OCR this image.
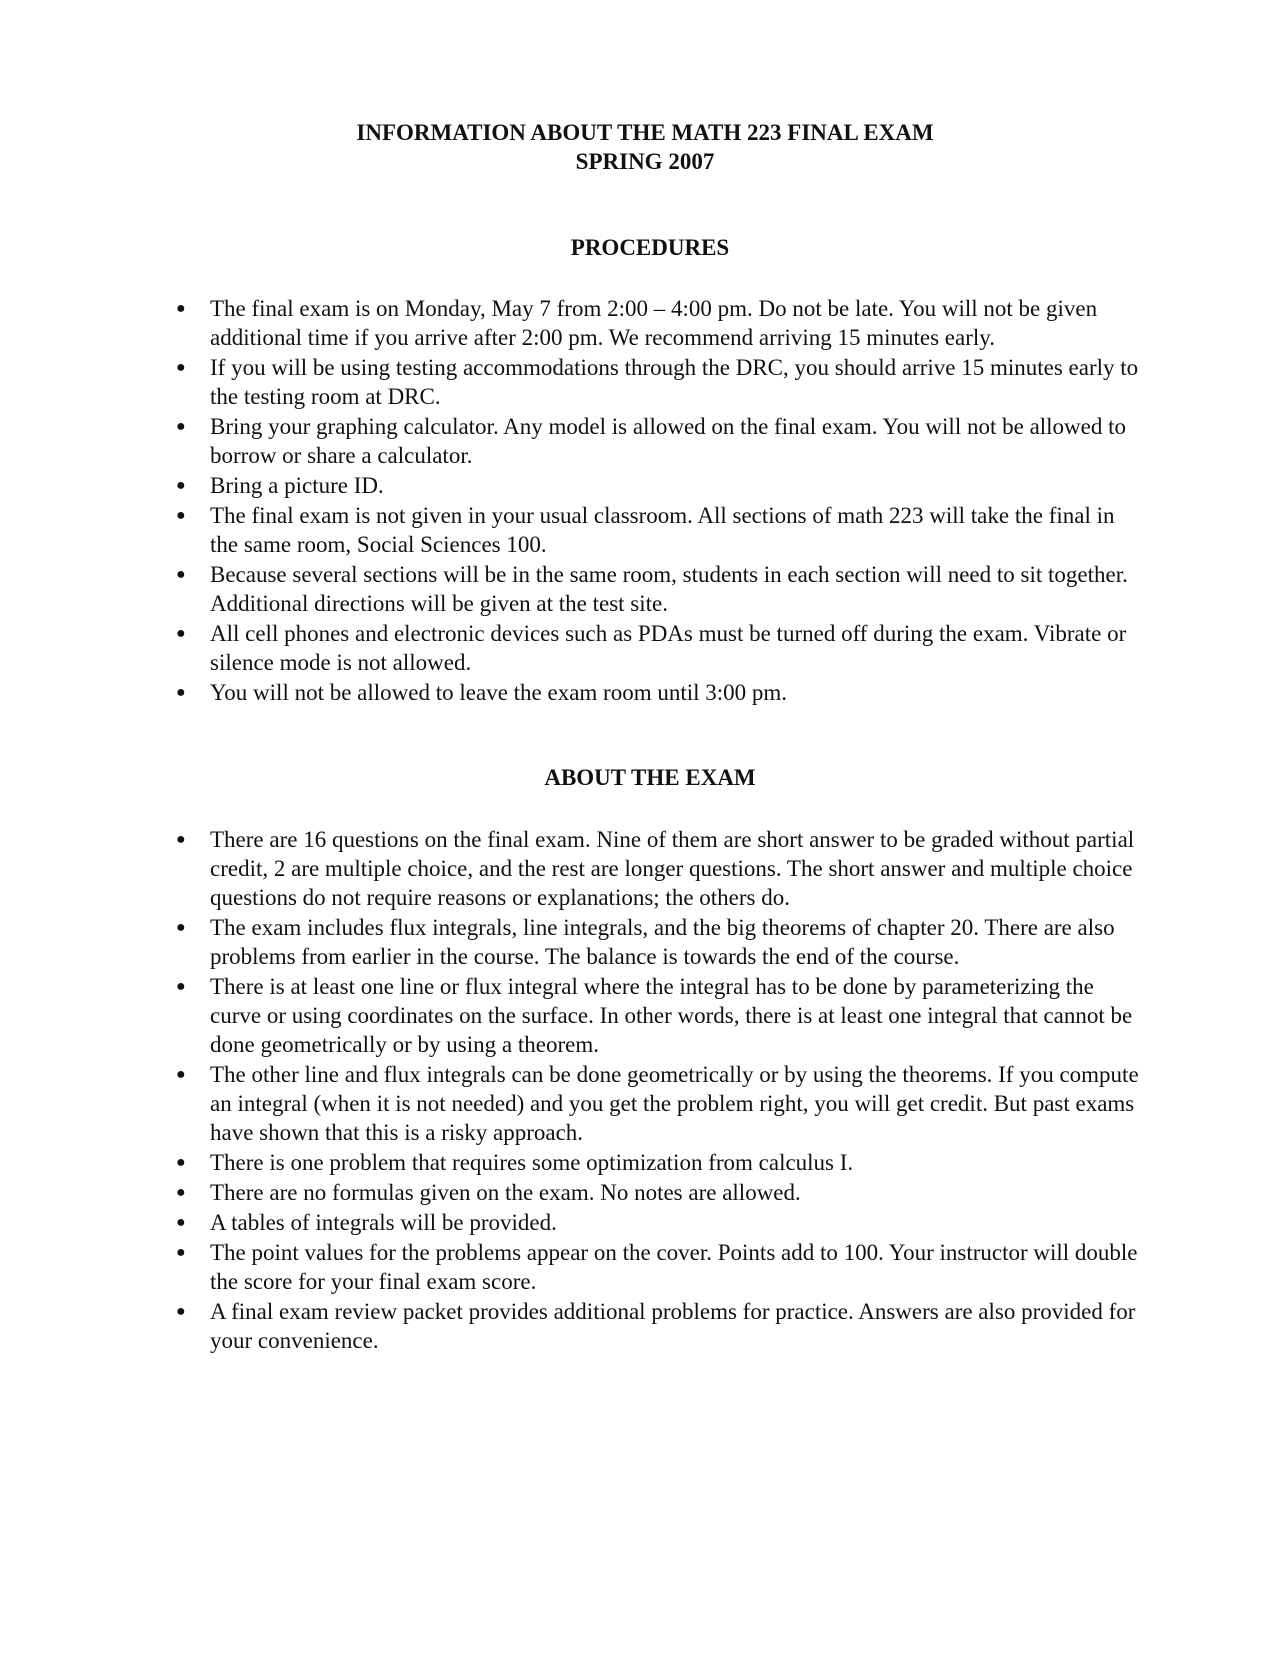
INFORMATION ABOUT THE MATH 223 FINAL EXAM
SPRING 2007
PROCEDURES
● The final exam is on Monday, May 7 from 2:00 – 4:00 pm. Do not be late. You will not be given additional time if you arrive after 2:00 pm. We recommend arriving 15 minutes early.
● If you will be using testing accommodations through the DRC, you should arrive 15 minutes early to the testing room at DRC.
● Bring your graphing calculator. Any model is allowed on the final exam. You will not be allowed to borrow or share a calculator.
● Bring a picture ID.
● The final exam is not given in your usual classroom. All sections of math 223 will take the final in the same room, Social Sciences 100.
● Because several sections will be in the same room, students in each section will need to sit together. Additional directions will be given at the test site.
● All cell phones and electronic devices such as PDAs must be turned off during the exam. Vibrate or silence mode is not allowed.
● You will not be allowed to leave the exam room until 3:00 pm.
ABOUT THE EXAM
● There are 16 questions on the final exam. Nine of them are short answer to be graded without partial credit, 2 are multiple choice, and the rest are longer questions. The short answer and multiple choice questions do not require reasons or explanations; the others do.
● The exam includes flux integrals, line integrals, and the big theorems of chapter 20. There are also problems from earlier in the course. The balance is towards the end of the course.
● There is at least one line or flux integral where the integral has to be done by parameterizing the curve or using coordinates on the surface. In other words, there is at least one integral that cannot be done geometrically or by using a theorem.
● The other line and flux integrals can be done geometrically or by using the theorems. If you compute an integral (when it is not needed) and you get the problem right, you will get credit. But past exams have shown that this is a risky approach.
● There is one problem that requires some optimization from calculus I.
● There are no formulas given on the exam. No notes are allowed.
● A tables of integrals will be provided.
● The point values for the problems appear on the cover. Points add to 100. Your instructor will double the score for your final exam score.
● A final exam review packet provides additional problems for practice. Answers are also provided for your convenience.
